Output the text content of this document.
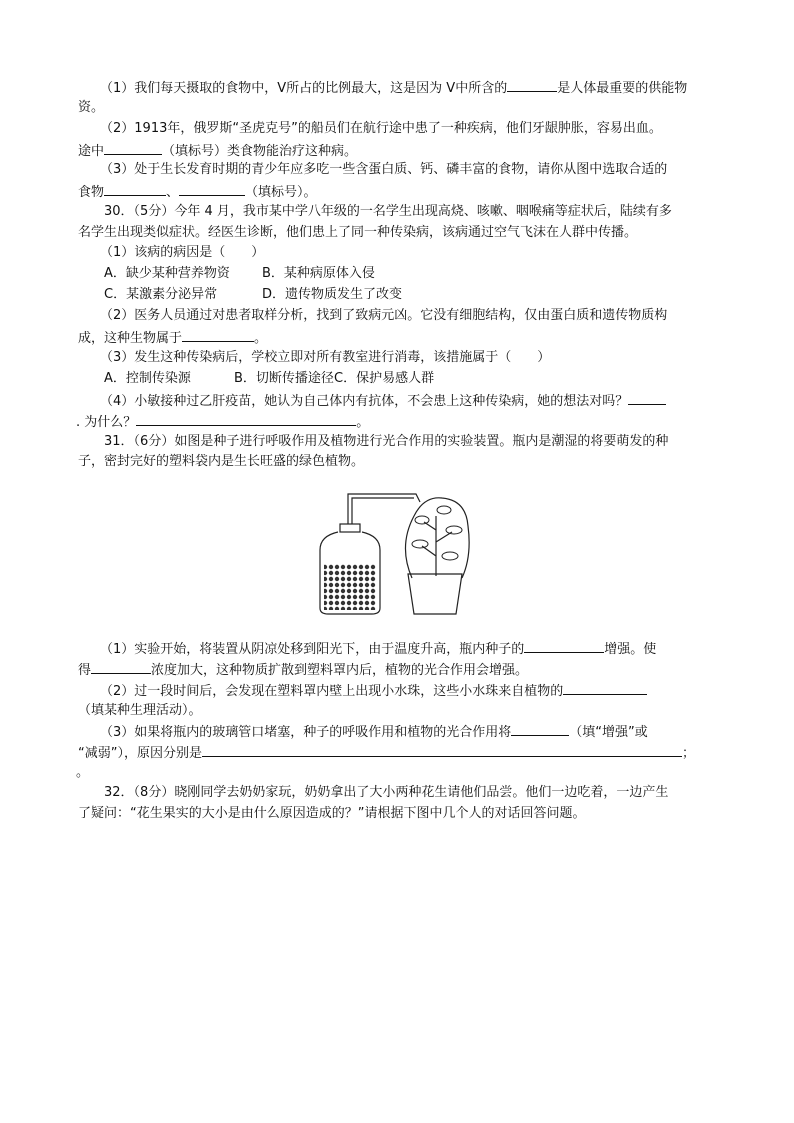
（1）我们每天摄取的食物中，V所占的比例最大，这是因为 V中所含的	是人体最重要的供能物
资。
（2）1913年，俄罗斯“圣虎克号”的船员们在航行途中患了一种疾病，他们牙龈肿胀，容易出血。
途中	（填标号）类食物能治疗这种病。
（3）处于生长发育时期的青少年应多吃一些含蛋白质、钙、磷丰富的食物，请你从图中选取合适的
食物	、	（填标号）。
30．（5分）今年 4 月，我市某中学八年级的一名学生出现高烧、咳嗽、咽喉痛等症状后，陆续有多
名学生出现类似症状。经医生诊断，他们患上了同一种传染病，该病通过空气飞沫在人群中传播。
（1）该病的病因是（　　）
A．缺少某种营养物资 B．某种病原体入侵
C．某激素分泌异常	D．遗传物质发生了改变
（2）医务人员通过对患者取样分析，找到了致病元凶。它没有细胞结构，仅由蛋白质和遗传物质构
成，这种生物属于	。
（3）发生这种传染病后，学校立即对所有教室进行消毒，该措施属于（　　）
A．控制传染源	B．切断传播途径 C．保护易感人群
（4）小敏接种过乙肝疫苗，她认为自己体内有抗体，不会患上这种传染病，她的想法对吗？
. 为什么？	。
31．（6分）如图是种子进行呼吸作用及植物进行光合作用的实验装置。瓶内是潮湿的将要萌发的种
子，密封完好的塑料袋内是生长旺盛的绿色植物。
（1）实验开始，将装置从阴凉处移到阳光下，由于温度升高，瓶内种子的	增强。使
得	浓度加大，这种物质扩散到塑料罩内后，植物的光合作用会增强。
（2）过一段时间后，会发现在塑料罩内壁上出现小水珠，这些小水珠来自植物的
（填某种生理活动）。
（3）如果将瓶内的玻璃管口堵塞，种子的呼吸作用和植物的光合作用将	（填“增强”或
“减弱”），原因分别是	；
。
32．（8分）晓刚同学去奶奶家玩，奶奶拿出了大小两种花生请他们品尝。他们一边吃着，一边产生
了疑问：“花生果实的大小是由什么原因造成的？”请根据下图中几个人的对话回答问题。
